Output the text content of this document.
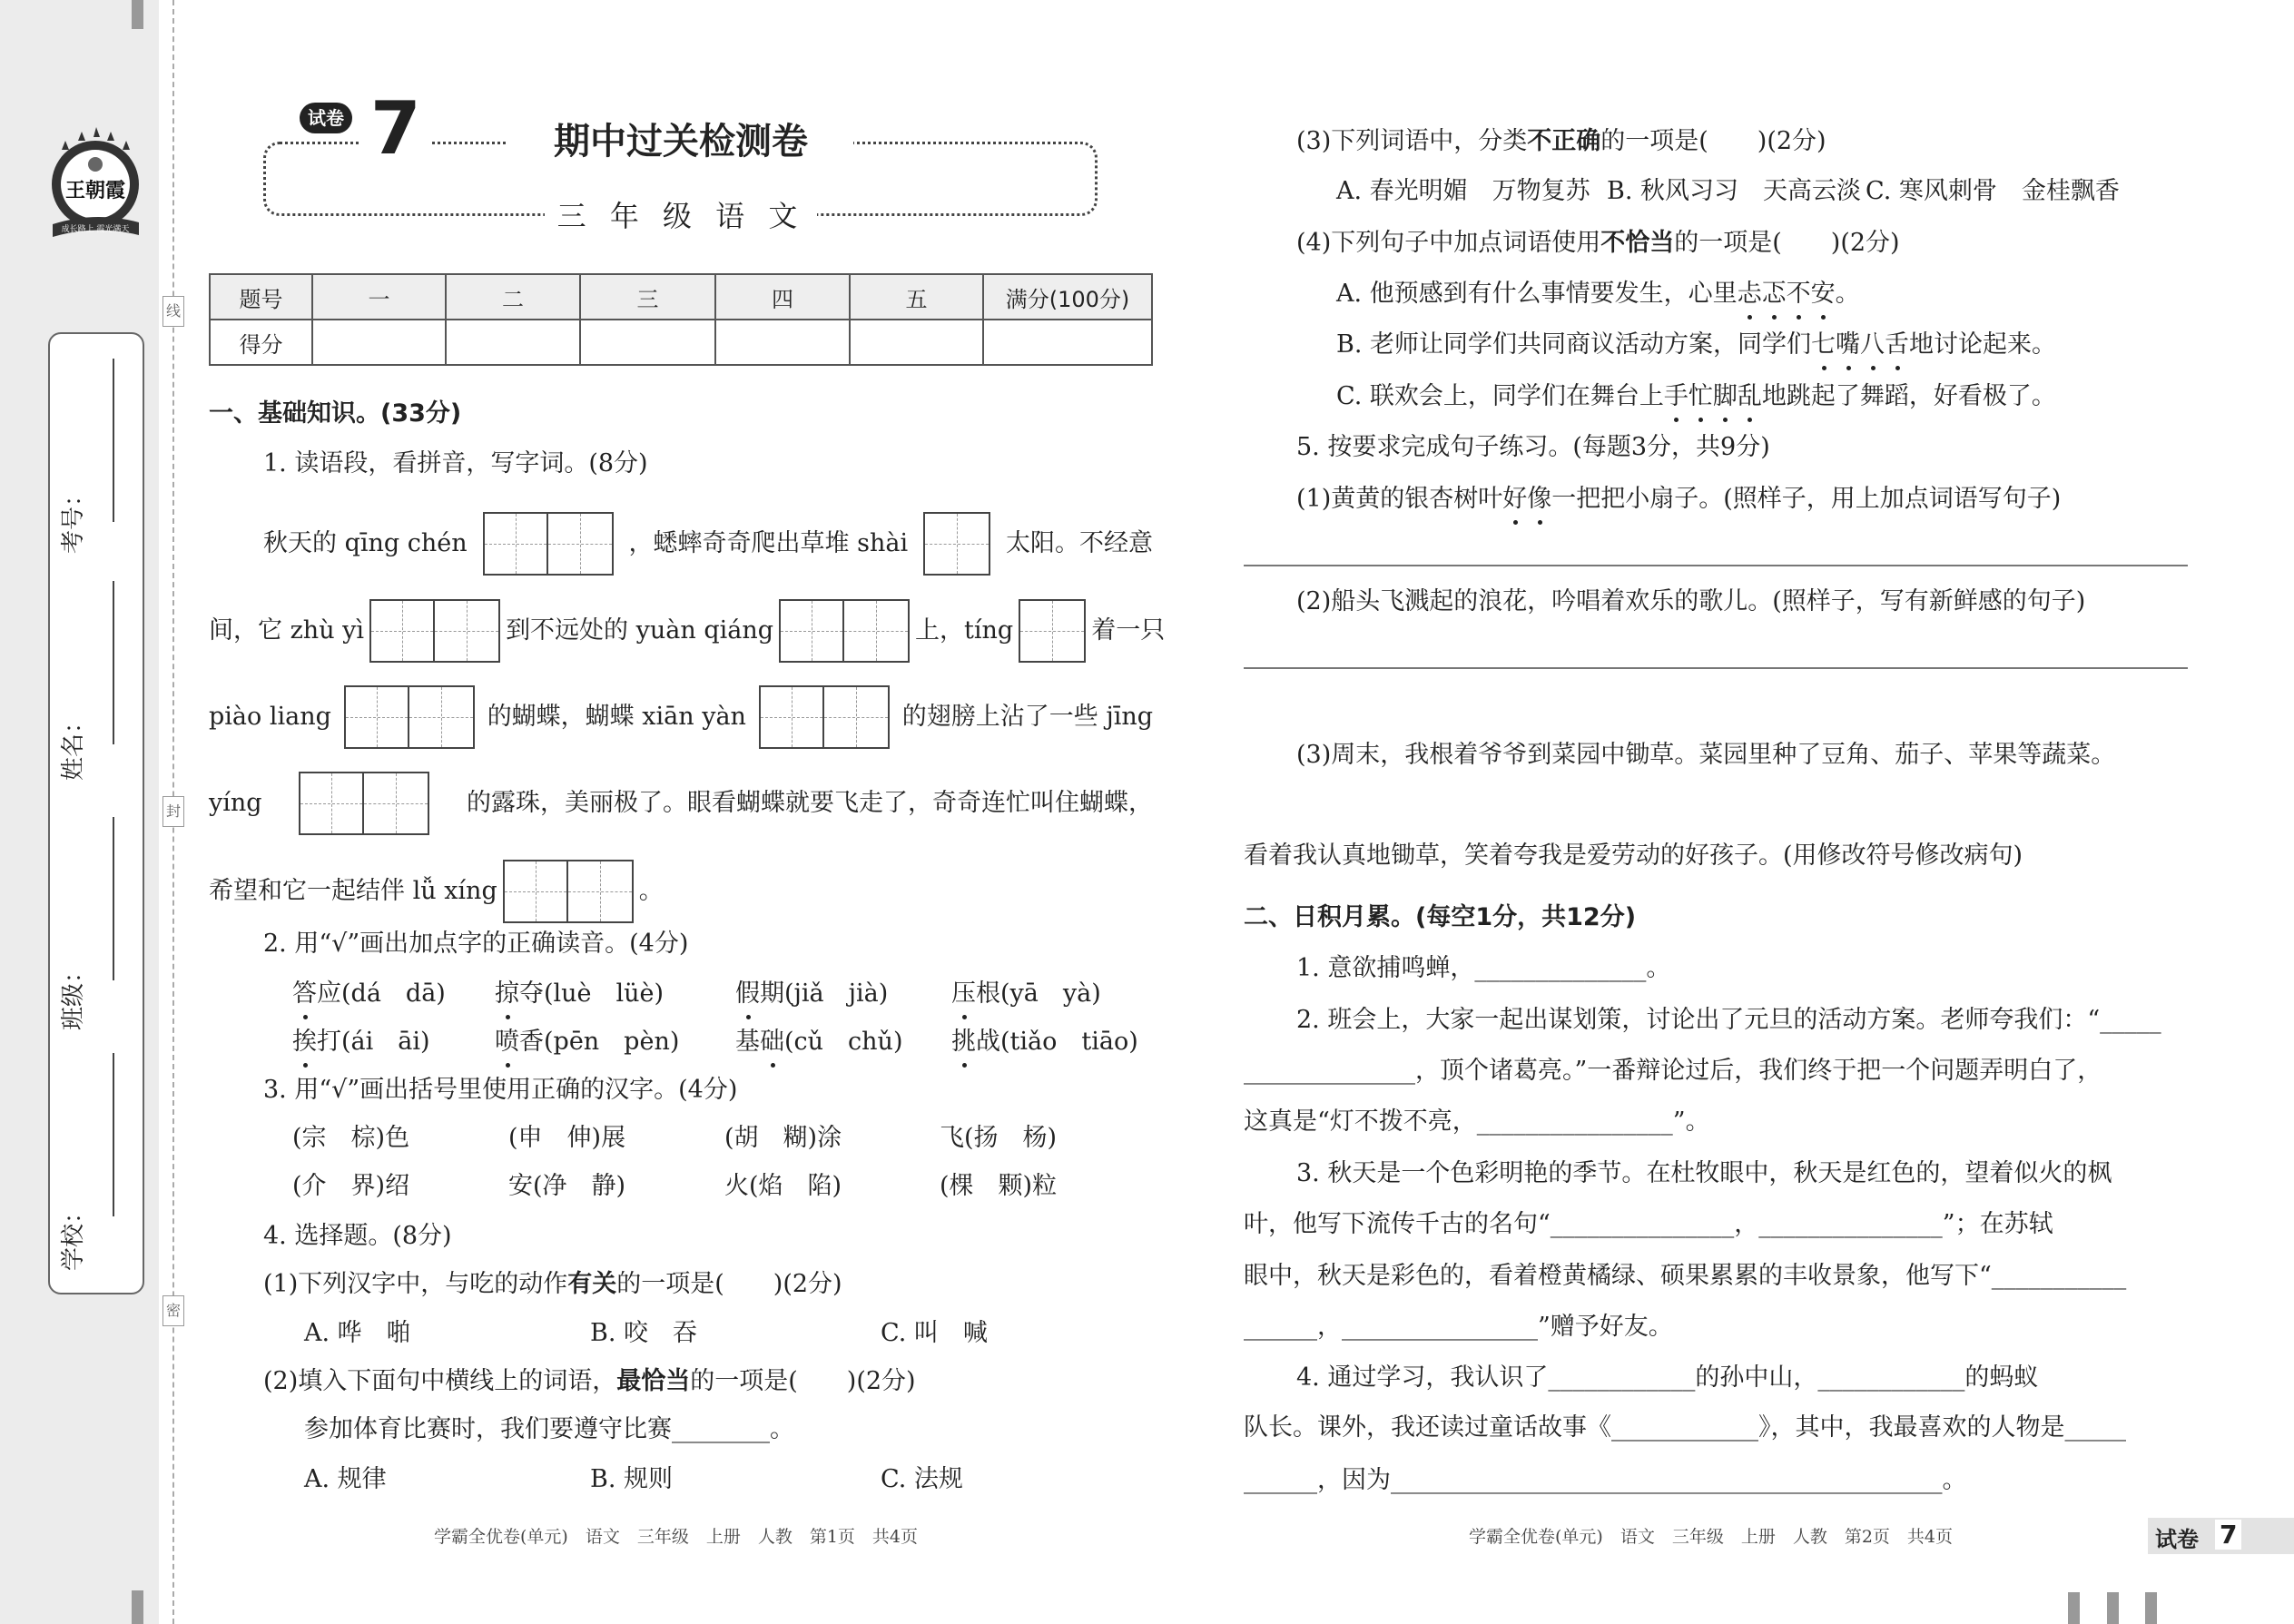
线
封
密
王朝霞
成长路上 霞光满天
考号：
姓名：
班级：
学校：
试卷 7	期中过关检测卷
三 年 级 语 文
题号	一	二	三	四	五	满分(100分)
得分						
一、基础知识。(33分)
1. 读语段，看拼音，写字词。(8分)
秋天的 qīng chén	，蟋蟀奇奇爬出草堆 shài	太阳。不经意
间，它 zhù yì	到不远处的 yuàn qiáng	上，tíng	着一只
piào liang	的蝴蝶，蝴蝶 xiān yàn	的翅膀上沾了一些 jīng
yíng	的露珠，美丽极了。眼看蝴蝶就要飞走了，奇奇连忙叫住蝴蝶，
希望和它一起结伴 lǚ xíng	。
2. 用“√”画出加点字的正确读音。(4分)
答 应(dá　dā) 掠 夺(luè　lüè)	假 期(jiǎ　jià)	压 根(yā　yà)
挨 打(ái　āi)	喷 香(pēn　pèn) 基 础 (cǔ　chǔ) 挑 战(tiǎo　tiāo)
3. 用“√”画出括号里使用正确的汉字。(4分)
(宗　棕)色	(申　伸)展	(胡　糊)涂	飞(扬　杨)
(介　界)绍	安(净　静)	火(焰　陷)	(棵　颗)粒
4. 选择题。(8分)
(1)下列汉字中，与吃的动作 有关 的一项是(　　)(2分)
A. 哗　啪	B. 咬　吞	C. 叫　喊
(2)填入下面句中横线上的词语， 最恰当 的一项是(　　)(2分)
参加体育比赛时，我们要遵守比赛________。
A. 规律	B. 规则	C. 法规
学霸全优卷(单元)　语文　三年级　上册　人教　第1页　共4页
(3)下列词语中，分类 不正确 的一项是(　　)(2分)
A. 春光明媚　万物复苏 B. 秋风习习　天高云淡 C. 寒风刺骨　金桂飘香
(4)下列句子中加点词语使用 不恰当 的一项是(　　)(2分)
A. 他预感到有什么事情要发生，心里 忐 忑 不 安 。
B. 老师让同学们共同商议活动方案，同学们 七 嘴 八 舌 地讨论起来。
C. 联欢会上，同学们在舞台上 手 忙 脚 乱 地跳起了舞蹈，好看极了。
5. 按要求完成句子练习。(每题3分，共9分)
(1)黄黄的银杏树叶 好 像 一把把小扇子。(照样子，用上加点词语写句子)
(2)船头飞溅起的浪花，吟唱着欢乐的歌儿。(照样子，写有新鲜感的句子)
(3)周末，我根着爷爷到菜园中锄草。菜园里种了豆角、茄子、苹果等蔬菜。
看着我认真地锄草，笑着夸我是爱劳动的好孩子。(用修改符号修改病句)
二、日积月累。(每空1分，共12分)
1. 意欲捕鸣蝉，______________。
2. 班会上，大家一起出谋划策，讨论出了元旦的活动方案。老师夸我们：“_____
______________，顶个诸葛亮。”一番辩论过后，我们终于把一个问题弄明白了，
这真是“灯不拨不亮，________________”。
3. 秋天是一个色彩明艳的季节。在杜牧眼中，秋天是红色的，望着似火的枫
叶，他写下流传千古的名句“_______________，_______________”；在苏轼
眼中，秋天是彩色的，看着橙黄橘绿、硕果累累的丰收景象，他写下“___________
______，________________”赠予好友。
4. 通过学习，我认识了____________的孙中山，____________的蚂蚁
队长。课外，我还读过童话故事《____________》，其中，我最喜欢的人物是_____
______，因为_____________________________________________。
学霸全优卷(单元)　语文　三年级　上册　人教　第2页　共4页	试卷 7
